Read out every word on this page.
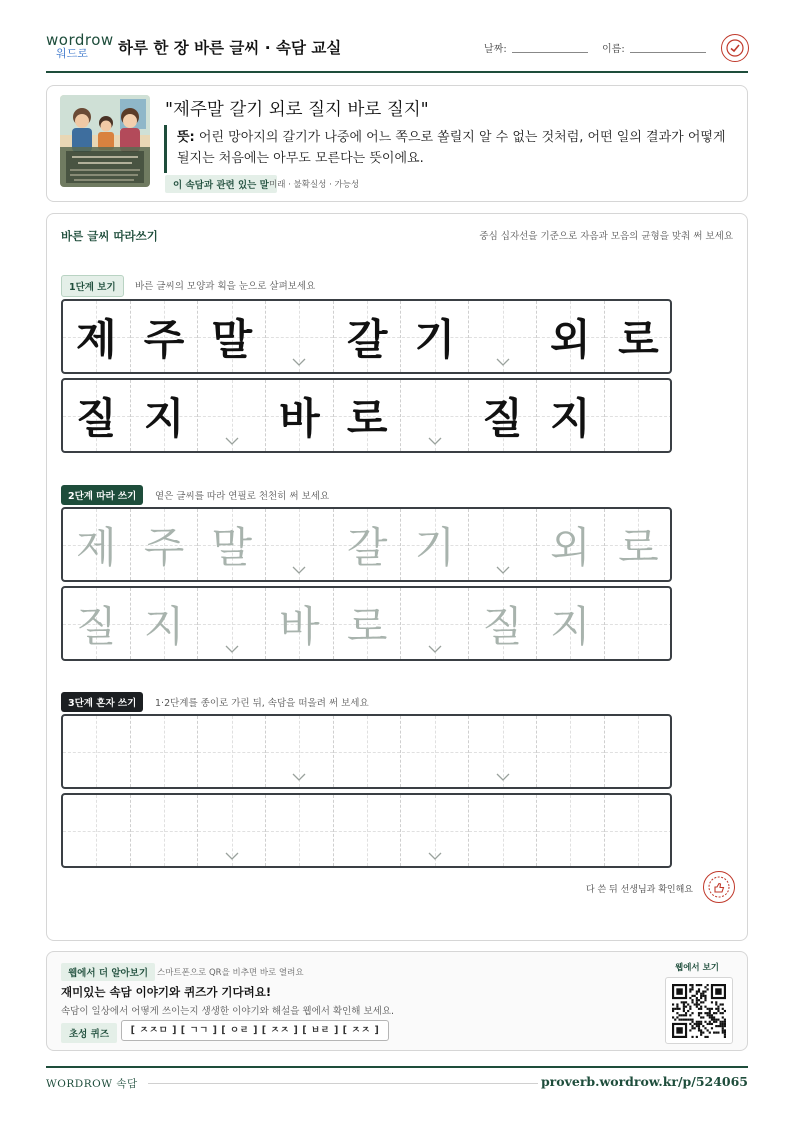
wordrow
워드로	하루 한 장 바른 글씨 · 속담 교실	날짜:	이름:
"제주말 갈기 외로 질지 바로 질지"
뜻: 어린 망아지의 갈기가 나중에 어느 쪽으로 쏠릴지 알 수 없는 것처럼, 어떤 일의 결과가 어떻게 될지는 처음에는 아무도 모른다는 뜻이에요.
이 속담과 관련 있는 말 미래 · 불확실성 · 가능성
바른 글씨 따라쓰기	중심 십자선을 기준으로 자음과 모음의 균형을 맞춰 써 보세요
1단계 보기	바른 글씨의 모양과 획을 눈으로 살펴보세요
제 주 말	갈 기	외 로
질 지	바 로	질 지
2단계 따라 쓰기	옅은 글씨를 따라 연필로 천천히 써 보세요
제 주 말	갈 기	외 로
질 지	바 로	질 지
3단계 혼자 쓰기	1·2단계를 종이로 가린 뒤, 속담을 떠올려 써 보세요
다 쓴 뒤 선생님과 확인해요
웹에서 더 알아보기	스마트폰으로 QR을 비추면 바로 열려요
재미있는 속담 이야기와 퀴즈가 기다려요!
속담이 일상에서 어떻게 쓰이는지 생생한 이야기와 해설을 웹에서 확인해 보세요.
초성 퀴즈	[ ㅈㅈㅁ ] [ ㄱㄱ ] [ ㅇㄹ ] [ ㅈㅈ ] [ ㅂㄹ ] [ ㅈㅈ ]
웹에서 보기
WORDROW 속담	proverb.wordrow.kr/p/524065
